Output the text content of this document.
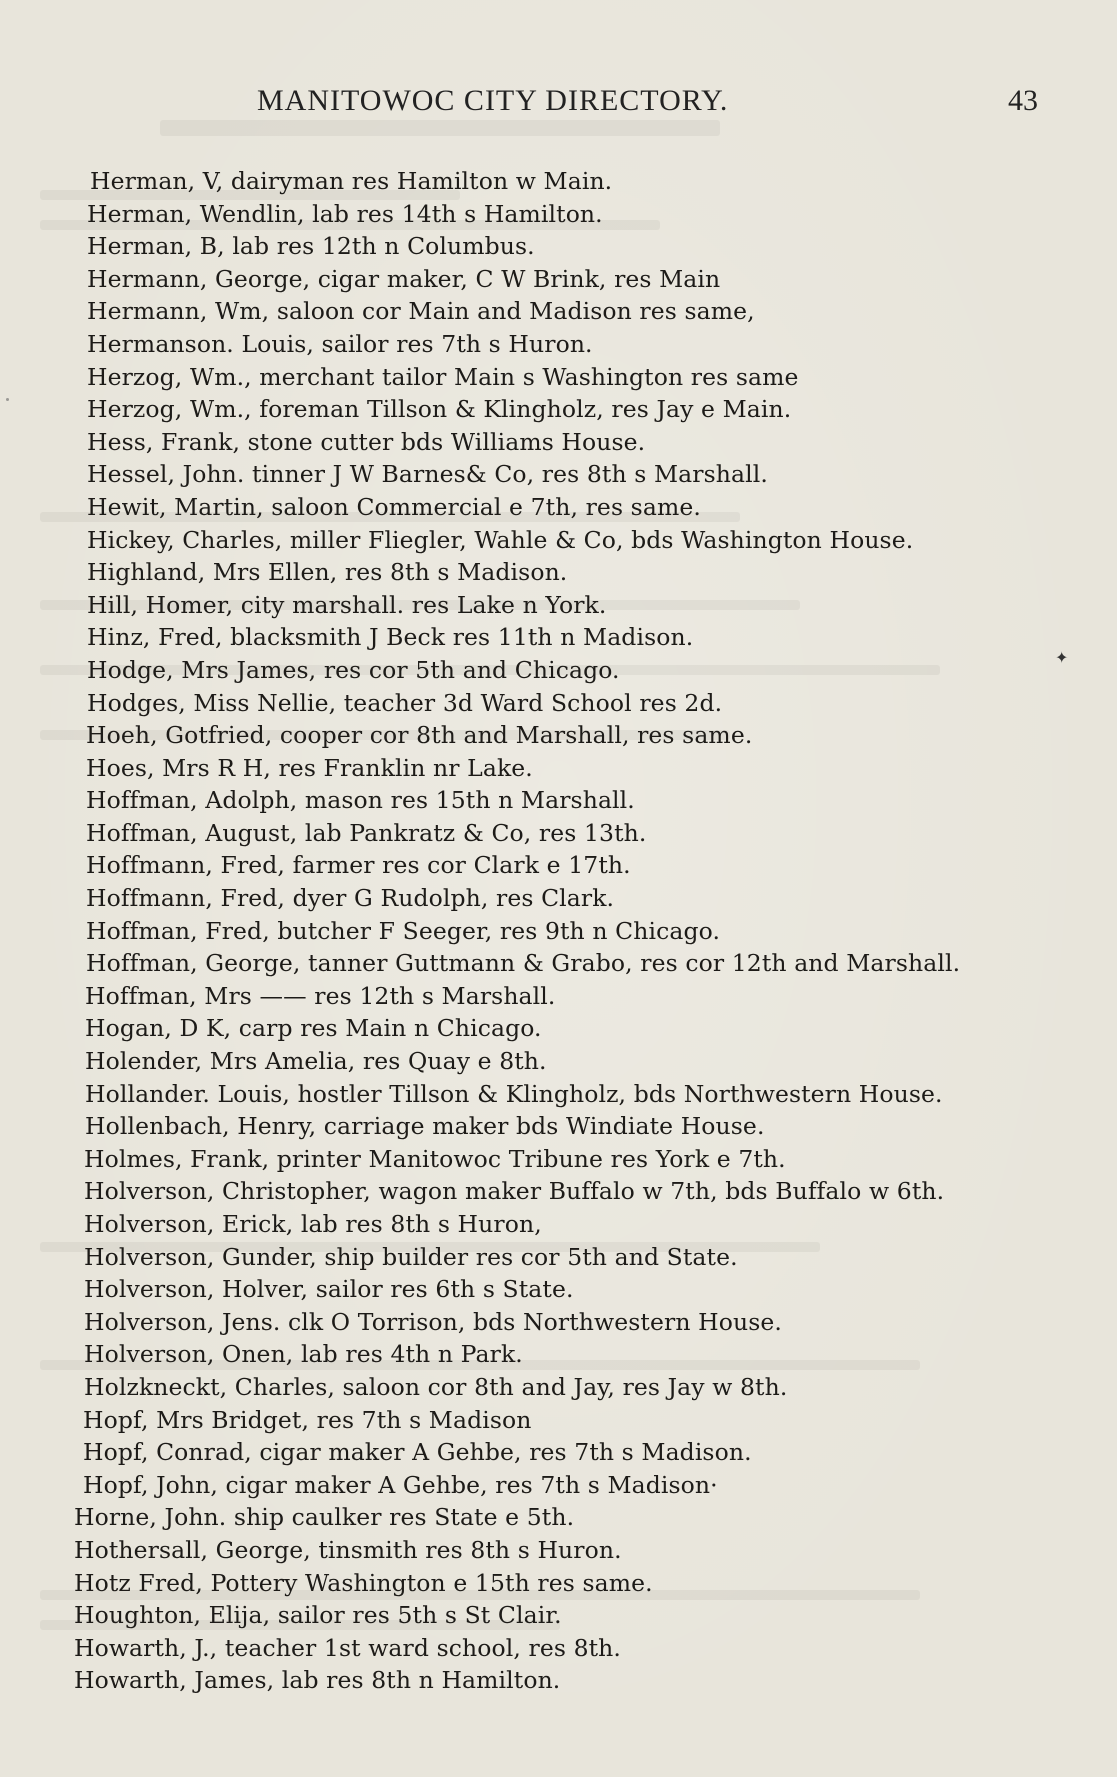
MANITOWOC CITY DIRECTORY.	43
Herman, V, dairyman res Hamilton w Main.
Herman, Wendlin, lab res 14th s Hamilton.
Herman, B, lab res 12th n Columbus.
Hermann, George, cigar maker, C W Brink, res Main
Hermann, Wm, saloon cor Main and Madison res same,
Hermanson. Louis, sailor res 7th s Huron.
Herzog, Wm., merchant tailor Main s Washington res same
Herzog, Wm., foreman Tillson & Klingholz, res Jay e Main.
Hess, Frank, stone cutter bds Williams House.
Hessel, John. tinner J W Barnes& Co, res 8th s Marshall.
Hewit, Martin, saloon Commercial e 7th, res same.
Hickey, Charles, miller Fliegler, Wahle & Co, bds Washington House.
Highland, Mrs Ellen, res 8th s Madison.
Hill, Homer, city marshall. res Lake n York.
Hinz, Fred, blacksmith J Beck res 11th n Madison.
Hodge, Mrs James, res cor 5th and Chicago.
Hodges, Miss Nellie, teacher 3d Ward School res 2d.
Hoeh, Gotfried, cooper cor 8th and Marshall, res same.
Hoes, Mrs R H, res Franklin nr Lake.
Hoffman, Adolph, mason res 15th n Marshall.
Hoffman, August, lab Pankratz & Co, res 13th.
Hoffmann, Fred, farmer res cor Clark e 17th.
Hoffmann, Fred, dyer G Rudolph, res Clark.
Hoffman, Fred, butcher F Seeger, res 9th n Chicago.
Hoffman, George, tanner Guttmann & Grabo, res cor 12th and Marshall.
Hoffman, Mrs —— res 12th s Marshall.
Hogan, D K, carp res Main n Chicago.
Holender, Mrs Amelia, res Quay e 8th.
Hollander. Louis, hostler Tillson & Klingholz, bds Northwestern House.
Hollenbach, Henry, carriage maker bds Windiate House.
Holmes, Frank, printer Manitowoc Tribune res York e 7th.
Holverson, Christopher, wagon maker Buffalo w 7th, bds Buffalo w 6th.
Holverson, Erick, lab res 8th s Huron,
Holverson, Gunder, ship builder res cor 5th and State.
Holverson, Holver, sailor res 6th s State.
Holverson, Jens. clk O Torrison, bds Northwestern House.
Holverson, Onen, lab res 4th n Park.
Holzkneckt, Charles, saloon cor 8th and Jay, res Jay w 8th.
Hopf, Mrs Bridget, res 7th s Madison
Hopf, Conrad, cigar maker A Gehbe, res 7th s Madison.
Hopf, John, cigar maker A Gehbe, res 7th s Madison·
Horne, John. ship caulker res State e 5th.
Hothersall, George, tinsmith res 8th s Huron.
Hotz Fred, Pottery Washington e 15th res same.
Houghton, Elija, sailor res 5th s St Clair.
Howarth, J., teacher 1st ward school, res 8th.
Howarth, James, lab res 8th n Hamilton.
✦
